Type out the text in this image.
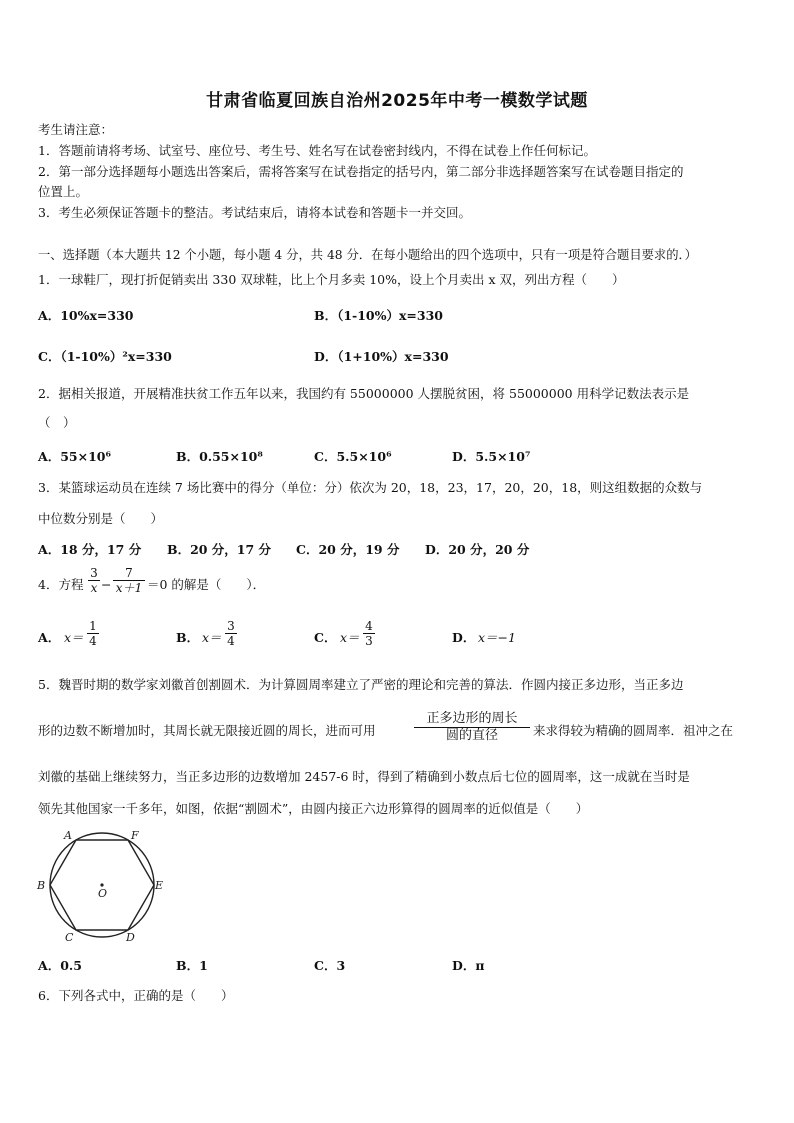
甘肃省临夏回族自治州2025年中考一模数学试题
考生请注意：
1．答题前请将考场、试室号、座位号、考生号、姓名写在试卷密封线内，不得在试卷上作任何标记。
2．第一部分选择题每小题选出答案后，需将答案写在试卷指定的括号内，第二部分非选择题答案写在试卷题目指定的
位置上。
3．考生必须保证答题卡的整洁。考试结束后，请将本试卷和答题卡一并交回。
一、选择题（本大题共 12 个小题，每小题 4 分，共 48 分．在每小题给出的四个选项中，只有一项是符合题目要求的．）
1．一球鞋厂，现打折促销卖出 330 双球鞋，比上个月多卖 10%，设上个月卖出 x 双，列出方程（　　）
A．10%x=330	B．（1-10%）x=330
C．（1-10%）²x=330	D．（1+10%）x=330
2．据相关报道，开展精准扶贫工作五年以来，我国约有 55000000 人摆脱贫困，将 55000000 用科学记数法表示是
（　）
A．55×10⁶	B．0.55×10⁸	C．5.5×10⁶	D．5.5×10⁷
3．某篮球运动员在连续 7 场比赛中的得分（单位：分）依次为 20，18，23，17，20，20，18，则这组数据的众数与
中位数分别是（　　）
A．18 分，17 分 B．20 分，17 分 C．20 分，19 分 D．20 分，20 分
4．方程
3
x −
7
x＋1 ＝0 的解是（　　）．
A． x＝
1
4	B． x＝
3
4	C． x＝
4
3	D． x＝−1
5．魏晋时期的数学家刘徽首创割圆术．为计算圆周率建立了严密的理论和完善的算法．作圆内接正多边形，当正多边
形的边数不断增加时，其周长就无限接近圆的周长，进而可用
正多边形的周长
圆的直径	来求得较为精确的圆周率．祖冲之在
刘徽的基础上继续努力，当正多边形的边数增加 2457-6 时，得到了精确到小数点后七位的圆周率，这一成就在当时是
领先其他国家一千多年，如图，依据“割圆术”，由圆内接正六边形算得的圆周率的近似值是（　　）
A	F
B	E
C	D
O
A．0.5	B．1	C．3	D．π
6．下列各式中，正确的是（　　）
